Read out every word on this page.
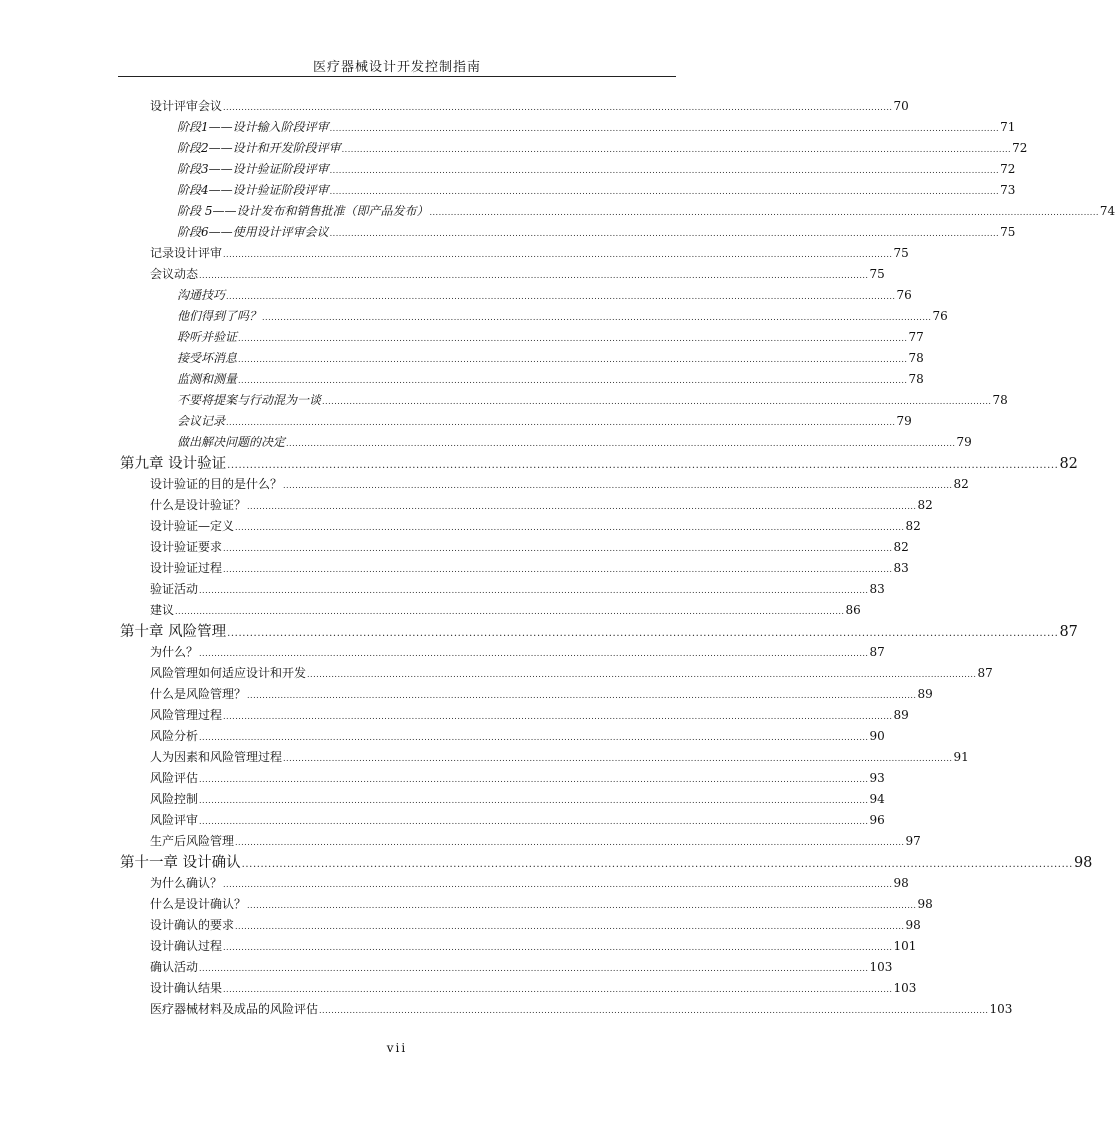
医疗器械设计开发控制指南
设计评审会议 ............................................................................................................................................................................................................................ 70
阶段1——设计输入阶段评审 ............................................................................................................................................................................................................................ 71
阶段2——设计和开发阶段评审 ............................................................................................................................................................................................................................ 72
阶段3——设计验证阶段评审 ............................................................................................................................................................................................................................ 72
阶段4——设计验证阶段评审 ............................................................................................................................................................................................................................ 73
阶段 5——设计发布和销售批准（即产品发布） ............................................................................................................................................................................................................................ 74
阶段6——使用设计评审会议 ............................................................................................................................................................................................................................ 75
记录设计评审 ............................................................................................................................................................................................................................ 75
会议动态 ............................................................................................................................................................................................................................ 75
沟通技巧 ............................................................................................................................................................................................................................ 76
他们得到了吗？ ............................................................................................................................................................................................................................ 76
聆听并验证 ............................................................................................................................................................................................................................ 77
接受坏消息 ............................................................................................................................................................................................................................ 78
监测和测量 ............................................................................................................................................................................................................................ 78
不要将提案与行动混为一谈 ............................................................................................................................................................................................................................ 78
会议记录 ............................................................................................................................................................................................................................ 79
做出解决问题的决定 ............................................................................................................................................................................................................................ 79
第九章 设计验证 ............................................................................................................................................................................................................................ 82
设计验证的目的是什么？ ............................................................................................................................................................................................................................ 82
什么是设计验证？ ............................................................................................................................................................................................................................ 82
设计验证—定义 ............................................................................................................................................................................................................................ 82
设计验证要求 ............................................................................................................................................................................................................................ 82
设计验证过程 ............................................................................................................................................................................................................................ 83
验证活动 ............................................................................................................................................................................................................................ 83
建议 ............................................................................................................................................................................................................................ 86
第十章 风险管理 ............................................................................................................................................................................................................................ 87
为什么？ ............................................................................................................................................................................................................................ 87
风险管理如何适应设计和开发 ............................................................................................................................................................................................................................ 87
什么是风险管理？ ............................................................................................................................................................................................................................ 89
风险管理过程 ............................................................................................................................................................................................................................ 89
风险分析 ............................................................................................................................................................................................................................ 90
人为因素和风险管理过程 ............................................................................................................................................................................................................................ 91
风险评估 ............................................................................................................................................................................................................................ 93
风险控制 ............................................................................................................................................................................................................................ 94
风险评审 ............................................................................................................................................................................................................................ 96
生产后风险管理 ............................................................................................................................................................................................................................ 97
第十一章 设计确认 ............................................................................................................................................................................................................................ 98
为什么确认？ ............................................................................................................................................................................................................................ 98
什么是设计确认？ ............................................................................................................................................................................................................................ 98
设计确认的要求 ............................................................................................................................................................................................................................ 98
设计确认过程 ............................................................................................................................................................................................................................ 101
确认活动 ............................................................................................................................................................................................................................ 103
设计确认结果 ............................................................................................................................................................................................................................ 103
医疗器械材料及成品的风险评估 ............................................................................................................................................................................................................................ 103
vii
